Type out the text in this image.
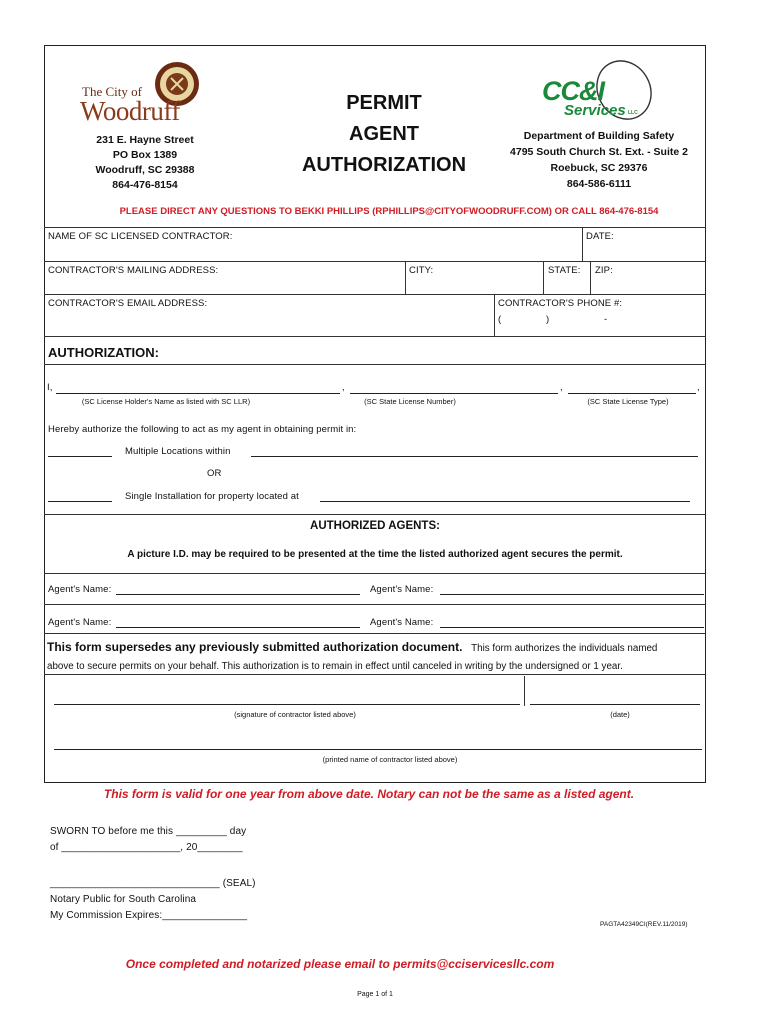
The City of
Woodruff
231 E. Hayne Street
PO Box 1389
Woodruff, SC 29388
864-476-8154
PERMIT
AGENT
AUTHORIZATION
CC&I
Services LLC
Department of Building Safety
4795 South Church St. Ext. - Suite 2
Roebuck, SC 29376
864-586-6111
PLEASE DIRECT ANY QUESTIONS TO BEKKI PHILLIPS (RPHILLIPS@CITYOFWOODRUFF.COM) OR CALL 864-476-8154
NAME OF SC LICENSED CONTRACTOR:	DATE:
CONTRACTOR'S MAILING ADDRESS:	CITY:	STATE: ZIP:
CONTRACTOR'S EMAIL ADDRESS:	CONTRACTOR'S PHONE #:
(	)	-
AUTHORIZATION:
I,	,	,	,
(SC License Holder's Name as listed with SC LLR)	(SC State License Number)	(SC State License Type)
Hereby authorize the following to act as my agent in obtaining permit in:
Multiple Locations within
OR
Single Installation for property located at
AUTHORIZED AGENTS:
A picture I.D. may be required to be presented at the time the listed authorized agent secures the permit.
Agent's Name:	Agent's Name:
Agent's Name:	Agent's Name:
This form supersedes any previously submitted authorization document. This form authorizes the individuals named
above to secure permits on your behalf. This authorization is to remain in effect until canceled in writing by the undersigned or 1 year.
(signature of contractor listed above)	(date)
(printed name of contractor listed above)
This form is valid for one year from above date. Notary can not be the same as a listed agent.
SWORN TO before me this _________ day
of _____________________, 20________
______________________________ (SEAL)
Notary Public for South Carolina
My Commission Expires:_______________
PAGTA42349CI(REV.11/2019)
Once completed and notarized please email to permits@cciservicesllc.com
Page 1 of 1
